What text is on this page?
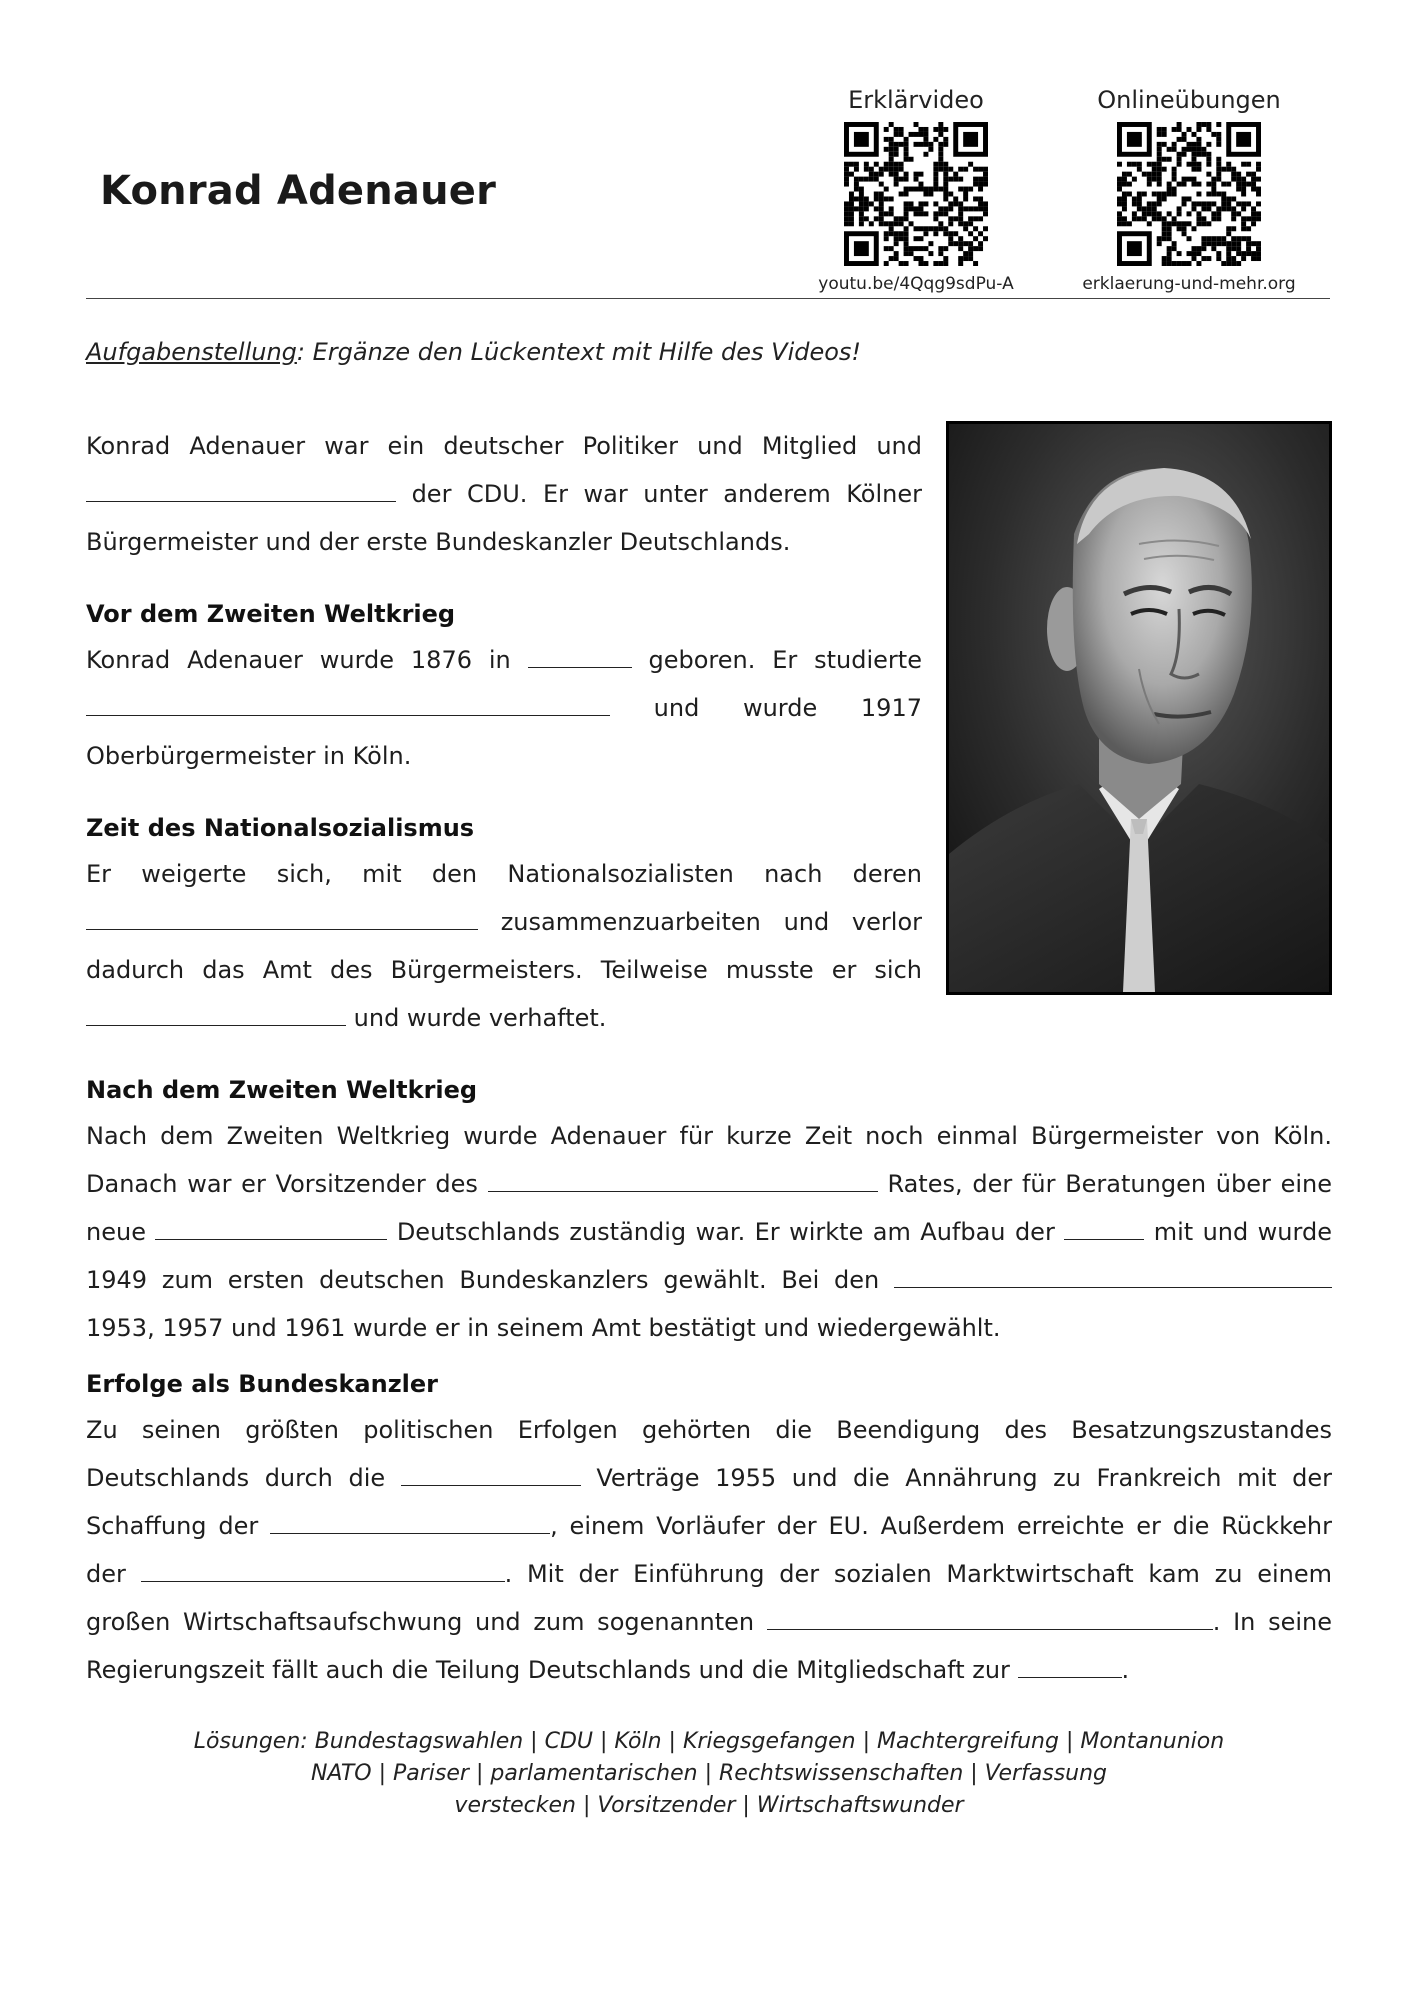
Konrad Adenauer
Erklärvideo
youtu.be/4Qqg9sdPu-A
Onlineübungen
erklaerung-und-mehr.org
Aufgabenstellung: Ergänze den Lückentext mit Hilfe des Videos!
Konrad Adenauer war ein deutscher Politiker und Mitglied und  der CDU. Er war unter anderem Kölner Bürgermeister und der erste Bundeskanzler Deutschlands.
Vor dem Zweiten Weltkrieg
Konrad Adenauer wurde 1876 in	geboren. Er studierte  und wurde 1917 Oberbürgermeister in Köln.
Zeit des Nationalsozialismus
Er weigerte sich, mit den Nationalsozialisten nach deren  zusammenzuarbeiten und verlor dadurch das Amt des Bürgermeisters. Teilweise musste er sich  und wurde verhaftet.
Nach dem Zweiten Weltkrieg
Nach dem Zweiten Weltkrieg wurde Adenauer für kurze Zeit noch einmal Bürgermeister von Köln. Danach war er Vorsitzender des	Rates, der für Beratungen über eine neue	Deutschlands zuständig war. Er wirkte am Aufbau der	mit und wurde 1949 zum ersten deutschen Bundeskanzlers gewählt. Bei den  1953, 1957 und 1961 wurde er in seinem Amt bestätigt und wiedergewählt.
Erfolge als Bundeskanzler
Zu seinen größten politischen Erfolgen gehörten die Beendigung des Besatzungszustandes Deutschlands durch die	Verträge 1955 und die Annährung zu Frankreich mit der Schaffung der	, einem Vorläufer der EU. Außerdem erreichte er die Rückkehr der	. Mit der Einführung der sozialen Marktwirtschaft kam zu einem großen Wirtschaftsaufschwung und zum sogenannten	. In seine Regierungszeit fällt auch die Teilung Deutschlands und die Mitgliedschaft zur	.
Lösungen: Bundestagswahlen | CDU | Köln | Kriegsgefangen | Machtergreifung | Montanunion
NATO | Pariser | parlamentarischen | Rechtswissenschaften | Verfassung
verstecken | Vorsitzender | Wirtschaftswunder
